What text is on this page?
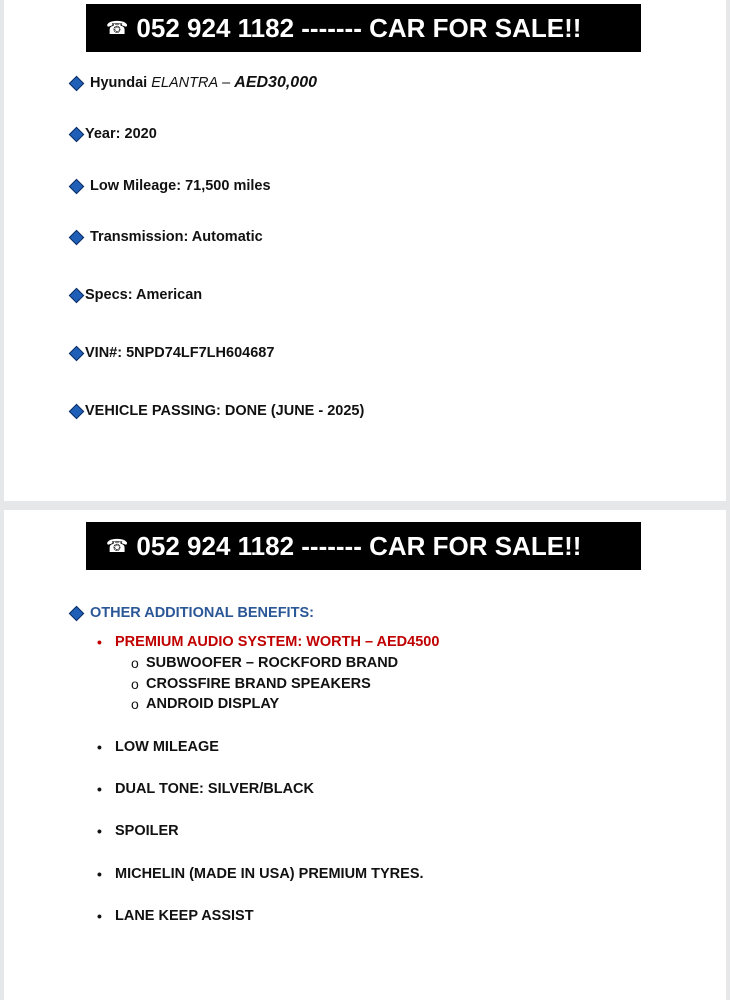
☎ 052 924 1182 ------- CAR FOR SALE!!
Hyundai
ELANTRA
–
AED30,000
Year: 2020
Low Mileage: 71,500 miles
Transmission: Automatic
Specs: American
VIN#: 5NPD74LF7LH604687
VEHICLE PASSING: DONE (JUNE - 2025)
☎ 052 924 1182 ------- CAR FOR SALE!!
OTHER ADDITIONAL BENEFITS:
• PREMIUM AUDIO SYSTEM: WORTH – AED4500
o SUBWOOFER – ROCKFORD BRAND
o CROSSFIRE BRAND SPEAKERS
o ANDROID DISPLAY
• LOW MILEAGE
• DUAL TONE: SILVER/BLACK
• SPOILER
• MICHELIN (MADE IN USA) PREMIUM TYRES.
• LANE KEEP ASSIST
